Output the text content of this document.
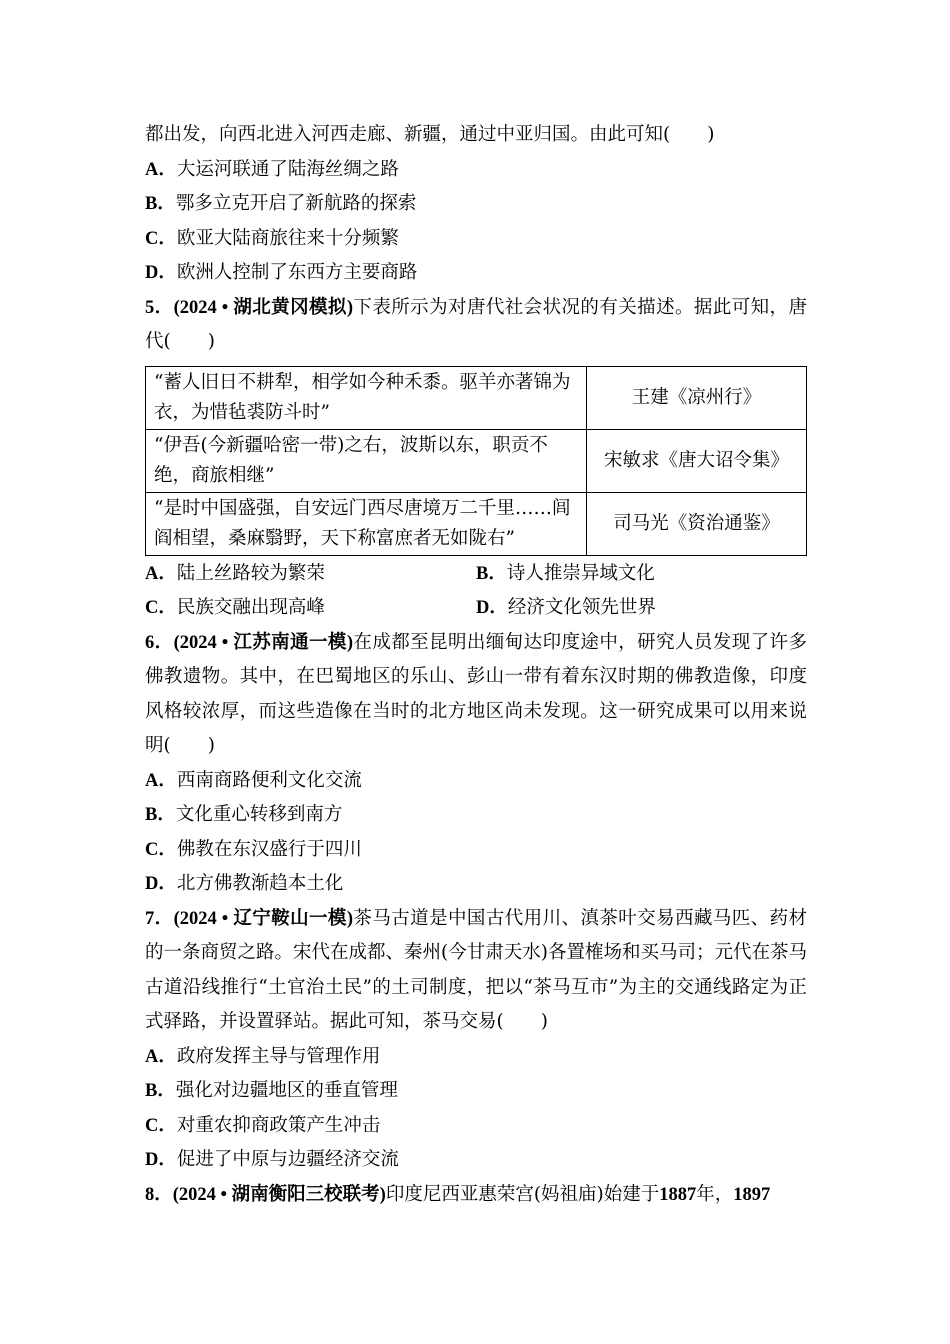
都出发，向西北进入河西走廊、新疆，通过中亚归国。由此可知(　　)
A．大运河联通了陆海丝绸之路
B．鄂多立克开启了新航路的探索
C．欧亚大陆商旅往来十分频繁
D．欧洲人控制了东西方主要商路
5．(2024 • 湖北黄冈模拟)下表所示为对唐代社会状况的有关描述。据此可知，唐代(　　)
“蓄人旧日不耕犁，相学如今种禾黍。驱羊亦著锦为衣，为惜毡裘防斗时”	王建《凉州行》
“伊吾(今新疆哈密一带)之右，波斯以东，职贡不绝，商旅相继”	宋敏求《唐大诏令集》
“是时中国盛强，自安远门西尽唐境万二千里……闾阎相望，桑麻翳野，天下称富庶者无如陇右”	司马光《资治通鉴》
A．陆上丝路较为繁荣	B．诗人推崇异域文化
C．民族交融出现高峰	D．经济文化领先世界
6．(2024 • 江苏南通一模)在成都至昆明出缅甸达印度途中，研究人员发现了许多佛教遗物。其中，在巴蜀地区的乐山、彭山一带有着东汉时期的佛教造像，印度风格较浓厚，而这些造像在当时的北方地区尚未发现。这一研究成果可以用来说明(　　)
A．西南商路便利文化交流
B．文化重心转移到南方
C．佛教在东汉盛行于四川
D．北方佛教渐趋本土化
7．(2024 • 辽宁鞍山一模)茶马古道是中国古代用川、滇茶叶交易西藏马匹、药材的一条商贸之路。宋代在成都、秦州(今甘肃天水)各置榷场和买马司；元代在茶马古道沿线推行“土官治土民”的土司制度，把以“茶马互市”为主的交通线路定为正式驿路，并设置驿站。据此可知，茶马交易(　　)
A．政府发挥主导与管理作用
B．强化对边疆地区的垂直管理
C．对重农抑商政策产生冲击
D．促进了中原与边疆经济交流
8．(2024 • 湖南衡阳三校联考)印度尼西亚惠荣宫(妈祖庙)始建于1887年，1897
